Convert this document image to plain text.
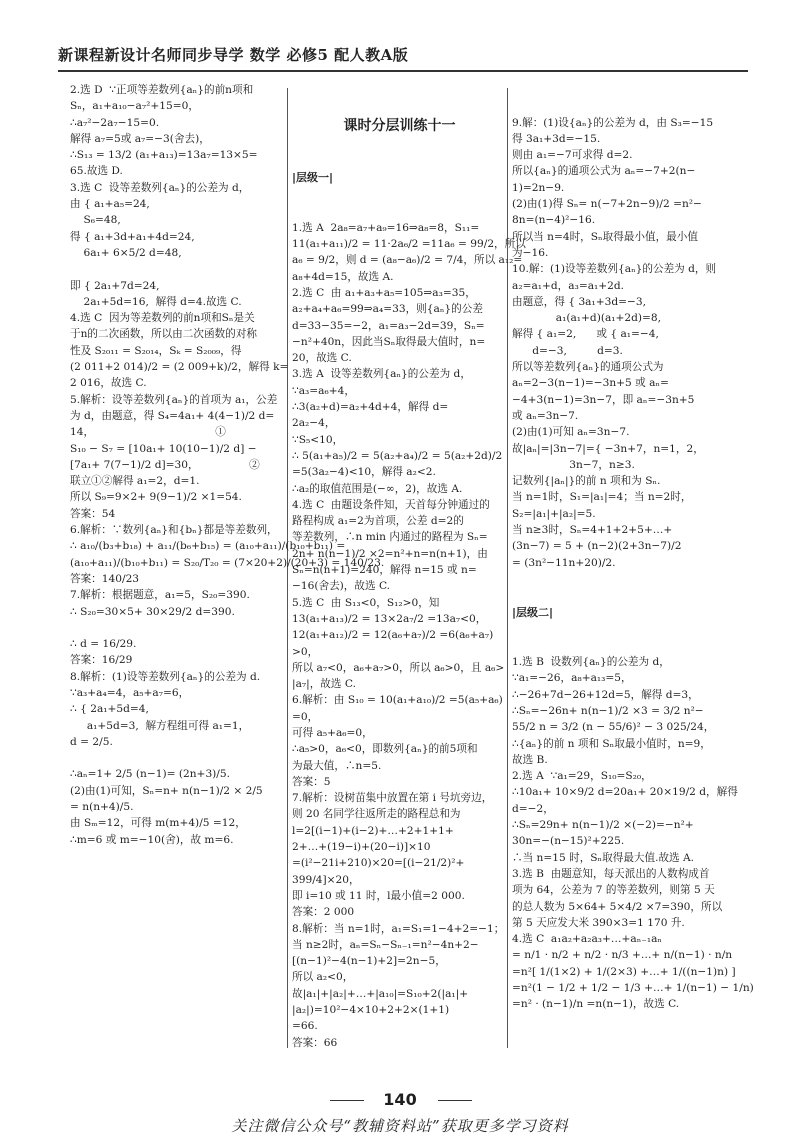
新课程新设计名师同步导学 数学 必修5 配人教A版
2.选 D  ∵正项等差数列{aₙ}的前n项和
Sₙ，a₁+a₁₀−a₇²+15=0，
∴a₇²−2a₇−15=0.
解得 a₇=5或 a₇=−3(舍去)，
∴S₁₃ = 13/2 (a₁+a₁₃)=13a₇=13×5=
65.故选 D.
3.选 C  设等差数列{aₙ}的公差为 d，
由 { a₁+a₅=24,
S₆=48,
得 { a₁+3d+a₁+4d=24,
6a₁+ 6×5/2 d=48,
即 { 2a₁+7d=24,
2a₁+5d=16,  解得 d=4.故选 C.
4.选 C  因为等差数列的前n项和Sₙ是关
于n的二次函数，所以由二次函数的对称
性及 S₂₀₁₁ = S₂₀₁₄，Sₖ = S₂₀₀₉，得
(2 011+2 014)/2 = (2 009+k)/2，解得 k=
2 016，故选 C.
5.解析：设等差数列{aₙ}的首项为 a₁，公差
为 d，由题意，得 S₄=4a₁+ 4(4−1)/2 d=
14，                                    ①
S₁₀ − S₇ = [10a₁+ 10(10−1)/2 d] −
[7a₁+ 7(7−1)/2 d]=30，               ②
联立①②解得 a₁=2，d=1.
所以 S₉=9×2+ 9(9−1)/2 ×1=54.
答案：54
6.解析：∵数列{aₙ}和{bₙ}都是等差数列，
∴ a₁₀/(b₃+b₁₈) + a₁₁/(b₆+b₁₅) = (a₁₀+a₁₁)/(b₁₀+b₁₁) =
(a₁₀+a₁₁)/(b₁₀+b₁₁) = S₂₀/T₂₀ = (7×20+2)/(20+3) = 140/23.
答案：140/23
7.解析：根据题意，a₁=5，S₂₀=390.
∴ S₂₀=30×5+ 30×29/2 d=390.
∴ d = 16/29.
答案：16/29
8.解析：(1)设等差数列{aₙ}的公差为 d.
∵a₃+a₄=4，a₅+a₇=6，
∴ { 2a₁+5d=4,
a₁+5d=3,  解方程组可得 a₁=1，
d = 2/5.
∴aₙ=1+ 2/5 (n−1)= (2n+3)/5.
(2)由(1)可知，Sₙ=n+ n(n−1)/2 × 2/5
= n(n+4)/5.
由 Sₘ=12，可得 m(m+4)/5 =12，
∴m=6 或 m=−10(舍)，故 m=6.

课时分层训练十一

|层级一|

1.选 A  2a₈=a₇+a₉=16⇒a₈=8，S₁₁=
11(a₁+a₁₁)/2 = 11·2a₆/2 =11a₆ = 99/2，所以
a₆ = 9/2，则 d = (a₈−a₆)/2 = 7/4，所以 a₁₂=
a₈+4d=15，故选 A.
2.选 C  由 a₁+a₃+a₅=105⇒a₃=35，
a₂+a₄+a₆=99⇒a₄=33，则{aₙ}的公差
d=33−35=−2，a₁=a₃−2d=39，Sₙ=
−n²+40n，因此当Sₙ取得最大值时，n=
20，故选 C.
3.选 A  设等差数列{aₙ}的公差为 d，
∵a₃=a₆+4，
∴3(a₂+d)=a₂+4d+4，解得 d=
2a₂−4，
∵S₅<10，
∴ 5(a₁+a₅)/2 = 5(a₂+a₄)/2 = 5(a₂+2d)/2
=5(3a₂−4)<10，解得 a₂<2.
∴a₂的取值范围是(−∞，2)，故选 A.
4.选 C  由题设条件知，天首每分钟通过的
路程构成 a₁=2为首项，公差 d=2的
等差数列，∴n min 内通过的路程为 Sₙ=
2n+ n(n−1)/2 ×2=n²+n=n(n+1)，由
Sₙ=n(n+1)=240，解得 n=15 或 n=
−16(舍去)，故选 C.
5.选 C  由 S₁₃<0，S₁₂>0，知
13(a₁+a₁₃)/2 = 13×2a₇/2 =13a₇<0，
12(a₁+a₁₂)/2 = 12(a₆+a₇)/2 =6(a₆+a₇)
>0，
所以 a₇<0，a₆+a₇>0，所以 a₆>0，且 a₆>
|a₇|，故选 C.
6.解析：由 S₁₀ = 10(a₁+a₁₀)/2 =5(a₅+a₆)
=0，
可得 a₅+a₆=0，
∴a₅>0，a₆<0，即数列{aₙ}的前5项和
为最大值，∴n=5.
答案：5
7.解析：设树苗集中放置在第 i 号坑旁边，
则 20 名同学往返所走的路程总和为
l=2[(i−1)+(i−2)+…+2+1+1+
2+…+(19−i)+(20−i)]×10
=(i²−21i+210)×20=[(i−21/2)²+
399/4]×20，
即 i=10 或 11 时，l最小值=2 000.
答案：2 000
8.解析：当 n=1时，a₁=S₁=1−4+2=−1；
当 n≥2时，aₙ=Sₙ−Sₙ₋₁=n²−4n+2−
[(n−1)²−4(n−1)+2]=2n−5，
所以 a₂<0，
故|a₁|+|a₂|+…+|a₁₀|=S₁₀+2(|a₁|+
|a₂|)=10²−4×10+2+2×(1+1)
=66.
答案：66

9.解：(1)设{aₙ}的公差为 d，由 S₃=−15
得 3a₁+3d=−15.
则由 a₁=−7可求得 d=2.
所以{aₙ}的通项公式为 aₙ=−7+2(n−
1)=2n−9.
(2)由(1)得 Sₙ= n(−7+2n−9)/2 =n²−
8n=(n−4)²−16.
所以当 n=4时，Sₙ取得最小值，最小值
为−16.
10.解：(1)设等差数列{aₙ}的公差为 d，则
a₂=a₁+d，a₃=a₁+2d.
由题意，得 { 3a₁+3d=−3,
a₁(a₁+d)(a₁+2d)=8,
解得 { a₁=2,      或 { a₁=−4,
d=−3,         d=3.
所以等差数列{aₙ}的通项公式为
aₙ=2−3(n−1)=−3n+5 或 aₙ=
−4+3(n−1)=3n−7，即 aₙ=−3n+5
或 aₙ=3n−7.
(2)由(1)可知 aₙ=3n−7.
故|aₙ|=|3n−7|={ −3n+7，n=1，2，
3n−7，n≥3.
记数列{|aₙ|}的前 n 项和为 Sₙ.
当 n=1时，S₁=|a₁|=4；当 n=2时，
S₂=|a₁|+|a₂|=5.
当 n≥3时，Sₙ=4+1+2+5+…+
(3n−7) = 5 + (n−2)(2+3n−7)/2
= (3n²−11n+20)/2.

|层级二|

1.选 B  设数列{aₙ}的公差为 d，
∵a₁=−26，a₈+a₁₃=5，
∴−26+7d−26+12d=5，解得 d=3，
∴Sₙ=−26n+ n(n−1)/2 ×3 = 3/2 n²−
55/2 n = 3/2 (n − 55/6)² − 3 025/24，
∴{aₙ}的前 n 项和 Sₙ取最小值时，n=9，
故选 B.
2.选 A  ∵a₁=29，S₁₀=S₂₀，
∴10a₁+ 10×9/2 d=20a₁+ 20×19/2 d，解得
d=−2，
∴Sₙ=29n+ n(n−1)/2 ×(−2)=−n²+
30n=−(n−15)²+225.
∴当 n=15 时，Sₙ取得最大值.故选 A.
3.选 B  由题意知，每天派出的人数构成首
项为 64，公差为 7 的等差数列，则第 5 天
的总人数为 5×64+ 5×4/2 ×7=390，所以
第 5 天应发大米 390×3=1 170 升.
4.选 C  a₁a₂+a₂a₃+…+aₙ₋₁aₙ
= n/1 · n/2 + n/2 · n/3 +…+ n/(n−1) · n/n
=n²[ 1/(1×2) + 1/(2×3) +…+ 1/((n−1)n) ]
=n²(1 − 1/2 + 1/2 − 1/3 +…+ 1/(n−1) − 1/n)
=n² · (n−1)/n =n(n−1)，故选 C.

140
关注微信公众号“教辅资料站”获取更多学习资料
